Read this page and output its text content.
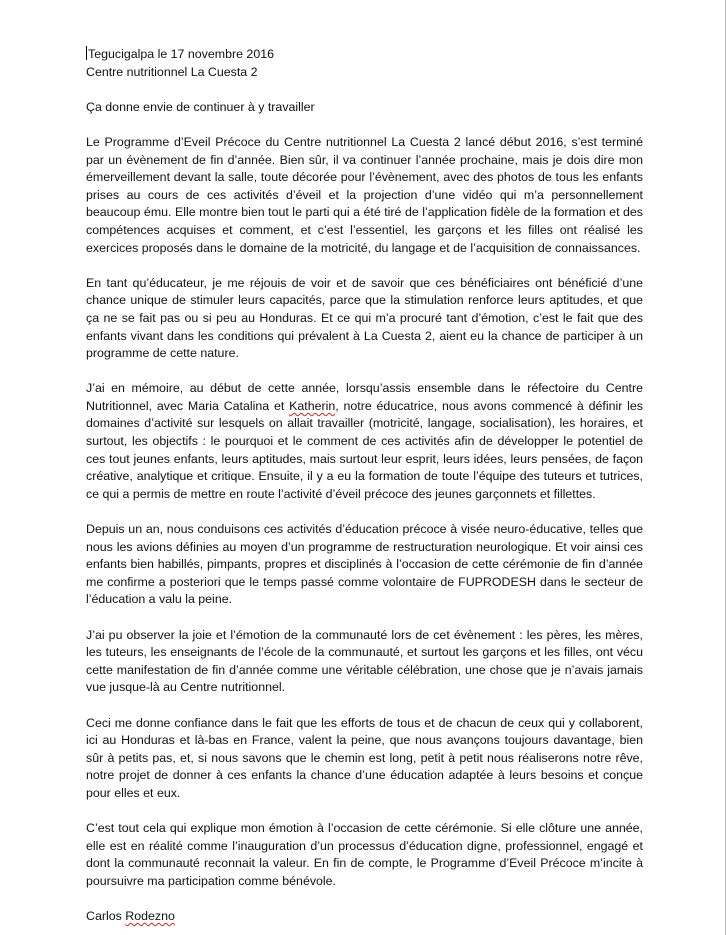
Tegucigalpa le 17 novembre 2016

Centre nutritionnel La Cuesta 2

Ça donne envie de continuer à y travailler

Le Programme d’Eveil Précoce du Centre nutritionnel La Cuesta 2 lancé début 2016, s’est terminé par un évènement de fin d’année. Bien sûr, il va continuer l’année prochaine, mais je dois dire mon émerveillement devant la salle, toute décorée pour l’évènement, avec des photos de tous les enfants prises au cours de ces activités d’éveil et la projection d’une vidéo qui m’a personnellement beaucoup ému. Elle montre bien tout le parti qui a été tiré de l’application fidèle de la formation et des compétences acquises et comment, et c’est l’essentiel, les garçons et les filles ont réalisé les exercices proposés dans le domaine de la motricité, du langage et de l’acquisition de connaissances.

En tant qu’éducateur, je me réjouis de voir et de savoir que ces bénéficiaires ont bénéficié d’une chance unique de stimuler leurs capacités, parce que la stimulation renforce leurs aptitudes, et que ça ne se fait pas ou si peu au Honduras. Et ce qui m’a procuré tant d’émotion, c’est le fait que des enfants vivant dans les conditions qui prévalent à La Cuesta 2, aient eu la chance de participer à un programme de cette nature.

J’ai en mémoire, au début de cette année, lorsqu’assis ensemble dans le réfectoire du Centre Nutritionnel, avec Maria Catalina et Katherin, notre éducatrice, nous avons commencé à définir les domaines d’activité sur lesquels on allait travailler (motricité, langage, socialisation), les horaires, et surtout, les objectifs : le pourquoi et le comment de ces activités afin de développer le potentiel de ces tout jeunes enfants, leurs aptitudes, mais surtout leur esprit, leurs idées, leurs pensées, de façon créative, analytique et critique. Ensuite, il y a eu la formation de toute l’équipe des tuteurs et tutrices, ce qui a permis de mettre en route l’activité d’éveil précoce des jeunes garçonnets et fillettes.

Depuis un an, nous conduisons ces activités d’éducation précoce à visée neuro-éducative, telles que nous les avions définies au moyen d’un programme de restructuration neurologique. Et voir ainsi ces enfants bien habillés, pimpants, propres et disciplinés à l’occasion de cette cérémonie de fin d’année me confirme a posteriori que le temps passé comme volontaire de FUPRODESH dans le secteur de l’éducation a valu la peine.

J’ai pu observer la joie et l’émotion de la communauté lors de cet évènement : les pères, les mères, les tuteurs, les enseignants de l’école de la communauté, et surtout les garçons et les filles, ont vécu cette manifestation de fin d’année comme une véritable célébration, une chose que je n’avais jamais vue jusque-là au Centre nutritionnel.

Ceci me donne confiance dans le fait que les efforts de tous et de chacun de ceux qui y collaborent, ici au Honduras et là-bas en France, valent la peine, que nous avançons toujours davantage, bien sûr à petits pas, et, si nous savons que le chemin est long, petit à petit nous réaliserons notre rêve, notre projet de donner à ces enfants la chance d’une éducation adaptée à leurs besoins et conçue pour elles et eux.

C’est tout cela qui explique mon émotion à l’occasion de cette cérémonie. Si elle clôture une année, elle est en réalité comme l’inauguration d’un processus d’éducation digne, professionnel, engagé et dont la communauté reconnait la valeur. En fin de compte, le Programme d’Eveil Précoce m’incite à poursuivre ma participation comme bénévole.

Carlos Rodezno
